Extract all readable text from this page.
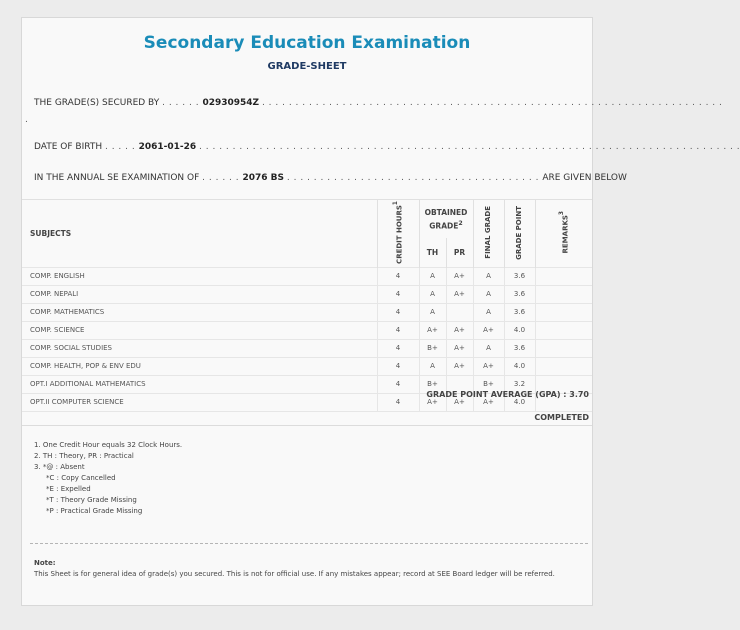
Secondary Education Examination
GRADE-SHEET
THE GRADE(S) SECURED BY . . . . . . 02930954Z . . . . . . . . . . . . . . . . . . . . . . . . . . . . . . . . . . . . . . . . . . . . . . . . . . . . . . . . . . . . . . . . . . . . .
.
DATE OF BIRTH . . . . . 2061-01-26 . . . . . . . . . . . . . . . . . . . . . . . . . . . . . . . . . . . . . . . . . . . . . . . . . . . . . . . . . . . . . . . . . . . . . . . . . . . . . . . . .
IN THE ANNUAL SE EXAMINATION OF . . . . . . 2076 BS . . . . . . . . . . . . . . . . . . . . . . . . . . . . . . . . . . . . . . ARE GIVEN BELOW
SUBJECTS	CREDIT HOURS$^1$	OBTAINED GRADE$^2$		FINAL GRADE	GRADE POINT	REMARKS$^3$
		TH	PR			
COMP. ENGLISH	4	A	A+	A	3.6	
COMP. NEPALI	4	A	A+	A	3.6	
COMP. MATHEMATICS	4	A		A	3.6	
COMP. SCIENCE	4	A+	A+	A+	4.0	
COMP. SOCIAL STUDIES	4	B+	A+	A	3.6	
COMP. HEALTH, POP & ENV EDU	4	A	A+	A+	4.0	
OPT.I ADDITIONAL MATHEMATICS	4	B+		B+	3.2	
OPT.II COMPUTER SCIENCE	4	A+	A+	A+	4.0	
GRADE POINT AVERAGE (GPA) : 3.70
COMPLETED
1. One Credit Hour equals 32 Clock Hours.
2. TH : Theory, PR : Practical
3. *@ : Absent
*C : Copy Cancelled
*E : Expelled
*T : Theory Grade Missing
*P : Practical Grade Missing
Note:
This Sheet is for general idea of grade(s) you secured. This is not for official use. If any mistakes appear; record at SEE Board ledger will be referred.
